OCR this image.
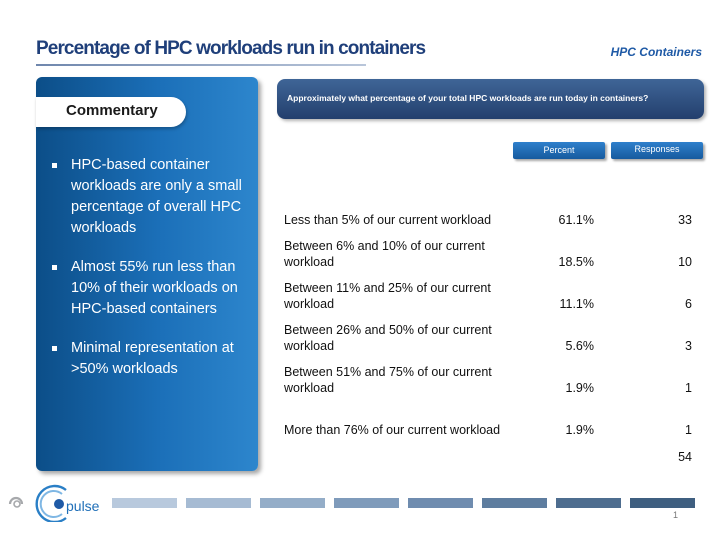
Percentage of HPC workloads run in containers	HPC Containers
Commentary
HPC-based container workloads are only a small percentage of overall HPC workloads
Almost 55% run less than 10% of their workloads on HPC-based containers
Minimal representation at >50% workloads
Approximately what percentage of your total HPC workloads are run today in containers?
Percent	Responses
Less than 5% of our current workload	61.1%	33
Between 6% and 10% of our current workload	18.5%	10
Between 11% and 25% of our current workload	11.1%	6
Between 26% and 50% of our current workload	5.6%	3
Between 51% and 75% of our current workload	1.9%	1
More than 76% of our current workload	1.9%	1
		54
pulse
1
